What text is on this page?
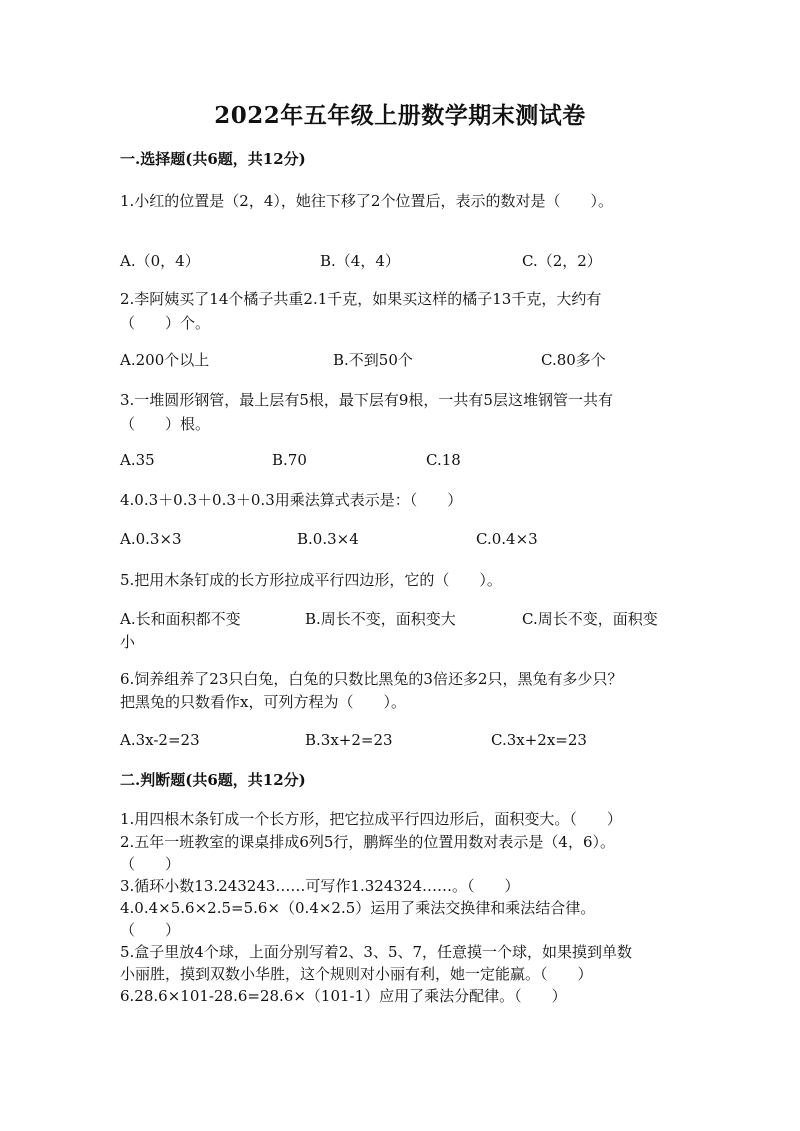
2022年五年级上册数学期末测试卷
一.选择题(共6题，共12分)
1.小红的位置是（2，4），她往下移了2个位置后，表示的数对是（　　）。
A.（0，4）	B.（4，4）	C.（2，2）
2.李阿姨买了14个橘子共重2.1千克，如果买这样的橘子13千克，大约有
（　　）个。
A.200个以上	B.不到50个	C.80多个
3.一堆圆形钢管，最上层有5根，最下层有9根，一共有5层这堆钢管一共有
（　　）根。
A.35	B.70	C.18
4.0.3＋0.3＋0.3＋0.3用乘法算式表示是：（　　）
A.0.3×3	B.0.3×4	C.0.4×3
5.把用木条钉成的长方形拉成平行四边形，它的（　　）。
A.长和面积都不变	B.周长不变，面积变大	C.周长不变，面积变
小
6.饲养组养了23只白兔，白兔的只数比黑兔的3倍还多2只，黑兔有多少只？
把黑兔的只数看作x，可列方程为（　　）。
A.3x-2=23	B.3x+2=23	C.3x+2x=23
二.判断题(共6题，共12分)
1.用四根木条钉成一个长方形，把它拉成平行四边形后，面积变大。（　　）
2.五年一班教室的课桌排成6列5行，鹏辉坐的位置用数对表示是（4，6）。
（　　）
3.循环小数13.243243……可写作1.324324……。（　　）
4.0.4×5.6×2.5=5.6×（0.4×2.5）运用了乘法交换律和乘法结合律。
（　　）
5.盒子里放4个球，上面分别写着2、3、5、7，任意摸一个球，如果摸到单数
小丽胜，摸到双数小华胜，这个规则对小丽有利，她一定能赢。（　　）
6.28.6×101-28.6=28.6×（101-1）应用了乘法分配律。（　　）
